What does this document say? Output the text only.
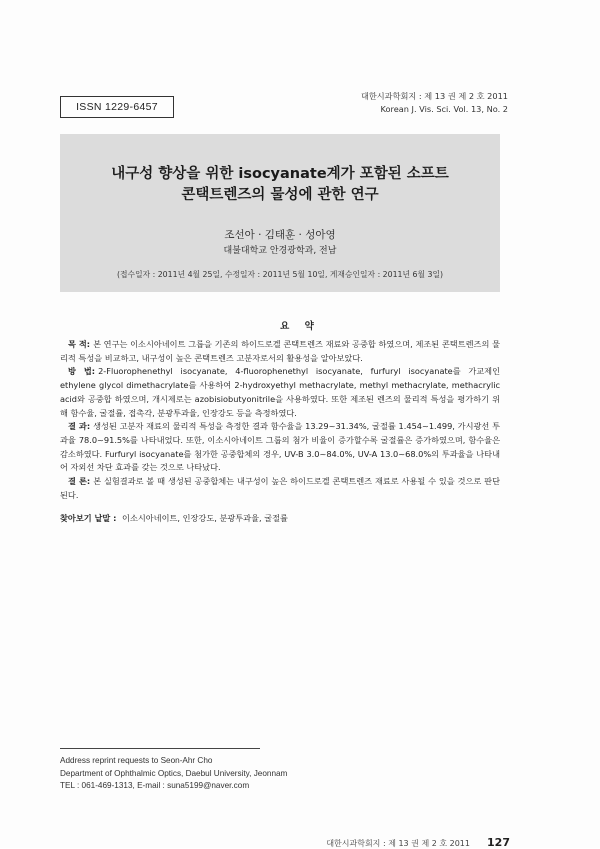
ISSN 1229-6457
대한시과학회지 : 제 13 권 제 2 호 2011
Korean J. Vis. Sci. Vol. 13, No. 2
내구성 향상을 위한 isocyanate계가 포함된 소프트
콘택트렌즈의 물성에 관한 연구
조선아 · 김태훈 · 성아영
대불대학교 안경광학과, 전남
(접수일자 : 2011년 4월 25일, 수정일자 : 2011년 5월 10일, 게재승인일자 : 2011년 6월 3일)
요 약
목 적: 본 연구는 이소시아네이트 그룹을 기존의 하이드로겔 콘택트렌즈 재료와 공중합 하였으며, 제조된 콘택트렌즈의 물리적 특성을 비교하고, 내구성이 높은 콘택트렌즈 고분자로서의 활용성을 알아보았다.
방 법: 2-Fluorophenethyl isocyanate, 4-fluorophenethyl isocyanate, furfuryl isocyanate를 가교제인 ethylene glycol dimethacrylate를 사용하여 2-hydroxyethyl methacrylate, methyl methacrylate, methacrylic acid와 공중합 하였으며, 개시제로는 azobisiobutyonitrile을 사용하였다. 또한 제조된 렌즈의 물리적 특성을 평가하기 위해 함수율, 굴절률, 접촉각, 분광투과율, 인장강도 등을 측정하였다.
결 과: 생성된 고분자 재료의 물리적 특성을 측정한 결과 함수율을 13.29~31.34%, 굴절률 1.454~1.499, 가시광선 투과율 78.0~91.5%를 나타내었다. 또한, 이소시아네이트 그룹의 첨가 비율이 증가할수록 굴절률은 증가하였으며, 함수율은 감소하였다. Furfuryl isocyanate를 첨가한 공중합체의 경우, UV-B 3.0~84.0%, UV-A 13.0~68.0%의 투과율을 나타내어 자외선 차단 효과를 갖는 것으로 나타났다.
결 론: 본 실험결과로 볼 때 생성된 공중합체는 내구성이 높은 하이드로겔 콘택트렌즈 재료로 사용될 수 있을 것으로 판단된다.
찾아보기 낱말 : 이소시아네이트, 인장강도, 분광투과율, 굴절률
Address reprint requests to Seon-Ahr Cho
Department of Ophthalmic Optics, Daebul University, Jeonnam
TEL : 061-469-1313, E-mail : suna5199@naver.com
대한시과학회지 : 제 13 권 제 2 호 2011 127
